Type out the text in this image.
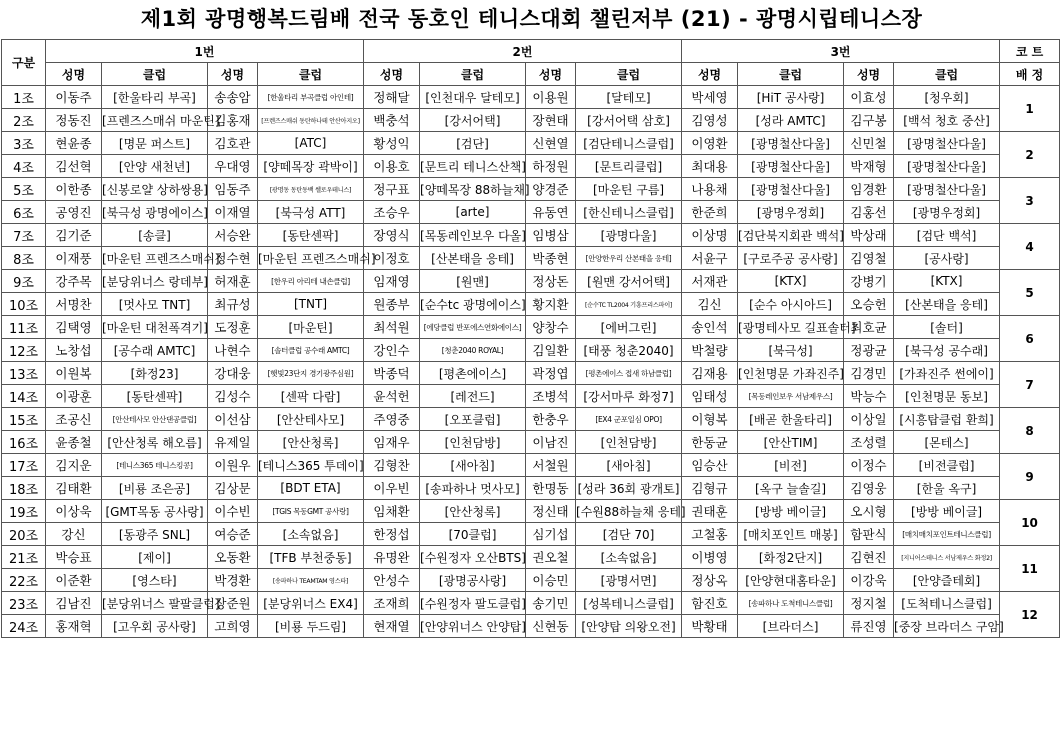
제1회 광명행복드림배 전국 동호인 테니스대회 챌린저부 (21) - 광명시립테니스장
구분	1번				2번				3번				코 트
	성명	클럽	성명	클럽	성명	클럽	성명	클럽	성명	클럽	성명	클럽	배 정
1조	이동주	[한울타리 부곡]	송송암	[한울타리 부곡클럽 아인테]	정해달	[인천대우 달테모]	이용원	[달테모]	박세영	[HiT 공사랑]	이효성	[청우회]	1
2조	정동진	[프렌즈스매쉬 마운틴]	김홍재	[프렌즈스매쉬 동탄하나테 안산아지오]	백충석	[강서어택]	장현태	[강서어택 삼호]	김영성	[성라 AMTC]	김구봉	[백석 청호 중산]	
3조	현윤종	[명문 퍼스트]	김호관	[ATC]	황성익	[검단]	신현열	[검단테니스클럽]	이영환	[광명철산다울]	신민철	[광명철산다울]	2
4조	김선혁	[안양 새천년]	우대영	[양떼목장 곽박이]	이용호	[문트리 테니스산책]	하정원	[문트리클럽]	최대용	[광명철산다울]	박재형	[광명철산다울]	
5조	이한종	[신봉로얄 상하쌍용]	임동주	[광명동 동탄동백 쎌로우테니스]	정구표	[양떼목장 88하늘채]	양경준	[마운틴 구름]	나용채	[광명철산다울]	임경환	[광명철산다울]	3
6조	공영진	[북극성 광명에이스]	이재열	[북극성 ATT]	조승우	[arte]	유동연	[한신테니스클럽]	한준희	[광명우정회]	김홍선	[광명우정회]	
7조	김기준	[송클]	서승완	[동탄센팍]	장영식	[목동레인보우 다올]	임병삼	[광명다울]	이상명	[검단북지회관 백석]	박상래	[검단 백석]	4
8조	이재풍	[마운틴 프렌즈스매쉬]	정수현	[마운틴 프렌즈스매쉬]	이정호	[산본태을 응테]	박종현	[안양한우리 산본태을 응테]	서윤구	[구로주공 공사랑]	김영철	[공사랑]	
9조	강주목	[분당위너스 랑데부]	허재훈	[한우리 아리테 내손클럽]	임재영	[원맨]	정상돈	[원맨 강서어택]	서재관	[KTX]	강병기	[KTX]	5
10조	서명찬	[멋사모 TNT]	최규성	[TNT]	원종부	[순수tc 광명에이스]	황지환	[순수TC TL2004 기흥프리스파이]	김신	[순수 아시아드]	오승헌	[산본태을 응테]	
11조	김택영	[마운틴 대천폭격기]	도정훈	[마운틴]	최석원	[에당클럽 반포에스연화에이스]	양창수	[에버그린]	송인석	[광명테사모 길표솔터]	최호균	[솔터]	6
12조	노창섭	[공수래 AMTC]	나현수	[솔터클럽 공수래 AMTC]	강인수	[청춘2040 ROYAL]	김일환	[태풍 청춘2040]	박철량	[북극성]	정광균	[북극성 공수래]	
13조	이원복	[화정23]	강대웅	[햇빛23단지 경기광주심원]	박종덕	[평촌에이스]	곽정엽	[평촌에이스 접새 하남클럽]	김재용	[인천명문 가좌진주]	김경민	[가좌진주 썬에이]	7
14조	이광훈	[동탄센팍]	김성수	[센팍 다람]	윤석헌	[레전드]	조병석	[강서마루 화정7]	임태성	[목동레인보우 서남제우스]	박능수	[인천명문 동보]	
15조	조공신	[안산테사모 안산댄공클럽]	이선삼	[안산테사모]	주영중	[오포클럽]	한충우	[EX4 군포일심 OPO]	이형복	[배곧 한울타리]	이상일	[시흥탑클럽 환희]	8
16조	윤종철	[안산청록 해오름]	유제일	[안산청록]	임재우	[인천담방]	이남진	[인천담방]	한동균	[안산TIM]	조성렬	[몬테스]	
17조	김지운	[테니스365 테니스킹콩]	이원우	[테니스365 투데이]	김형찬	[새아침]	서철원	[새아침]	임승산	[비전]	이정수	[비전클럽]	9
18조	김태환	[비룡 조은공]	김상문	[BDT ETA]	이우빈	[송파하나 멋사모]	한명동	[성라 36회 광개토]	김형규	[옥구 늘솔길]	김영웅	[한울 옥구]	
19조	이상욱	[GMT목동 공사랑]	이수빈	[TGIS 목동GMT 공사랑]	임채환	[안산청록]	정신태	[수원88하늘채 응테]	권태훈	[방방 베이글]	오시형	[방방 베이글]	10
20조	강신	[동광주 SNL]	여승준	[소속없음]	한정섭	[70클럽]	심기섭	[검단 70]	고철홍	[매치포인트 매봉]	함판식	[매치매치포인트테니스클럽]	
21조	박승표	[제이]	오동환	[TFB 부천중동]	유명완	[수원정자 오산BTS]	권오철	[소속없음]	이병영	[화정2단지]	김현진	[지니어스테니스 서남제우스 화정2]	11
22조	이준환	[영스타]	박경환	[송파하나 TEAMTAM 영스타]	안성수	[광명공사랑]	이승민	[광명서면]	정상옥	[안양현대홈타운]	이강욱	[안양즐테회]	
23조	김남진	[분당위너스 팔팔클럽]	장준원	[분당위너스 EX4]	조재희	[수원정자 팔도클럽]	송기민	[성복테니스클럽]	함진호	[송파하나 도척테니스클럽]	정지철	[도척테니스클럽]	12
24조	홍재혁	[고우회 공사랑]	고희영	[비룡 두드림]	현재열	[안양위너스 안양탑]	신현동	[안양탑 의왕오전]	박황태	[브라더스]	류진영	[중장 브라더스 구암]	
